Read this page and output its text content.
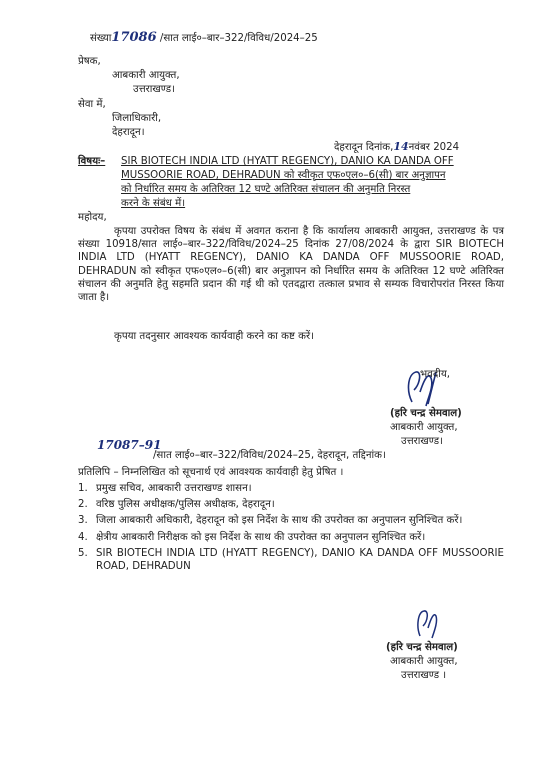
संख्या17086 /सात लाई०–बार–322/विविध/2024–25
प्रेषक,
आबकारी आयुक्त,
उत्तराखण्ड।
सेवा में,
जिलाधिकारी,
देहरादून।
देहरादून दिनांक,14नवंबर 2024
विषयः– SIR BIOTECH INDIA LTD (HYATT REGENCY), DANIO KA DANDA OFF
MUSSOORIE ROAD, DEHRADUN को स्वीकृत एफ०एल०–6(सी) बार अनुज्ञापन
को निर्धारित समय के अतिरिक्त 12 घण्टे अतिरिक्त संचालन की अनुमति निरस्त
करने के संबंध में।
महोदय,
कृपया उपरोक्त विषय के संबंध में अवगत कराना है कि कार्यालय आबकारी आयुक्त, उत्तराखण्ड के पत्र संख्या 10918/सात लाई०–बार–322/विविध/2024–25 दिनांक 27/08/2024 के द्वारा SIR BIOTECH INDIA LTD (HYATT REGENCY), DANIO KA DANDA OFF MUSSOORIE ROAD, DEHRADUN को स्वीकृत एफ०एल०–6(सी) बार अनुज्ञापन को निर्धारित समय के अतिरिक्त 12 घण्टे अतिरिक्त संचालन की अनुमति हेतु सहमति प्रदान की गई थी को एतदद्वारा तत्काल प्रभाव से सम्यक विचारोपरांत निरस्त किया जाता है।
कृपया तदनुसार आवश्यक कार्यवाही करने का कष्ट करें।
भवदीय,
(हरि चन्द्र सेमवाल)
आबकारी आयुक्त,
उत्तराखण्ड।
17087–91
/सात लाई०–बार–322/विविध/2024–25, देहरादून, तद्दिनांक।
प्रतिलिपि – निम्नलिखित को सूचनार्थ एवं आवश्यक कार्यवाही हेतु प्रेषित ।
1. प्रमुख सचिव, आबकारी उत्तराखण्ड शासन।
2. वरिष्ठ पुलिस अधीक्षक/पुलिस अधीक्षक, देहरादून।
3. जिला आबकारी अधिकारी, देहरादून को इस निर्देश के साथ की उपरोक्त का अनुपालन सुनिश्चित करें।
4. क्षेत्रीय आबकारी निरीक्षक को इस निर्देश के साथ की उपरोक्त का अनुपालन सुनिश्चित करें।
5. SIR BIOTECH INDIA LTD (HYATT REGENCY), DANIO KA DANDA OFF MUSSOORIE ROAD, DEHRADUN
(हरि चन्द्र सेमवाल)
आबकारी आयुक्त,
उत्तराखण्ड ।
